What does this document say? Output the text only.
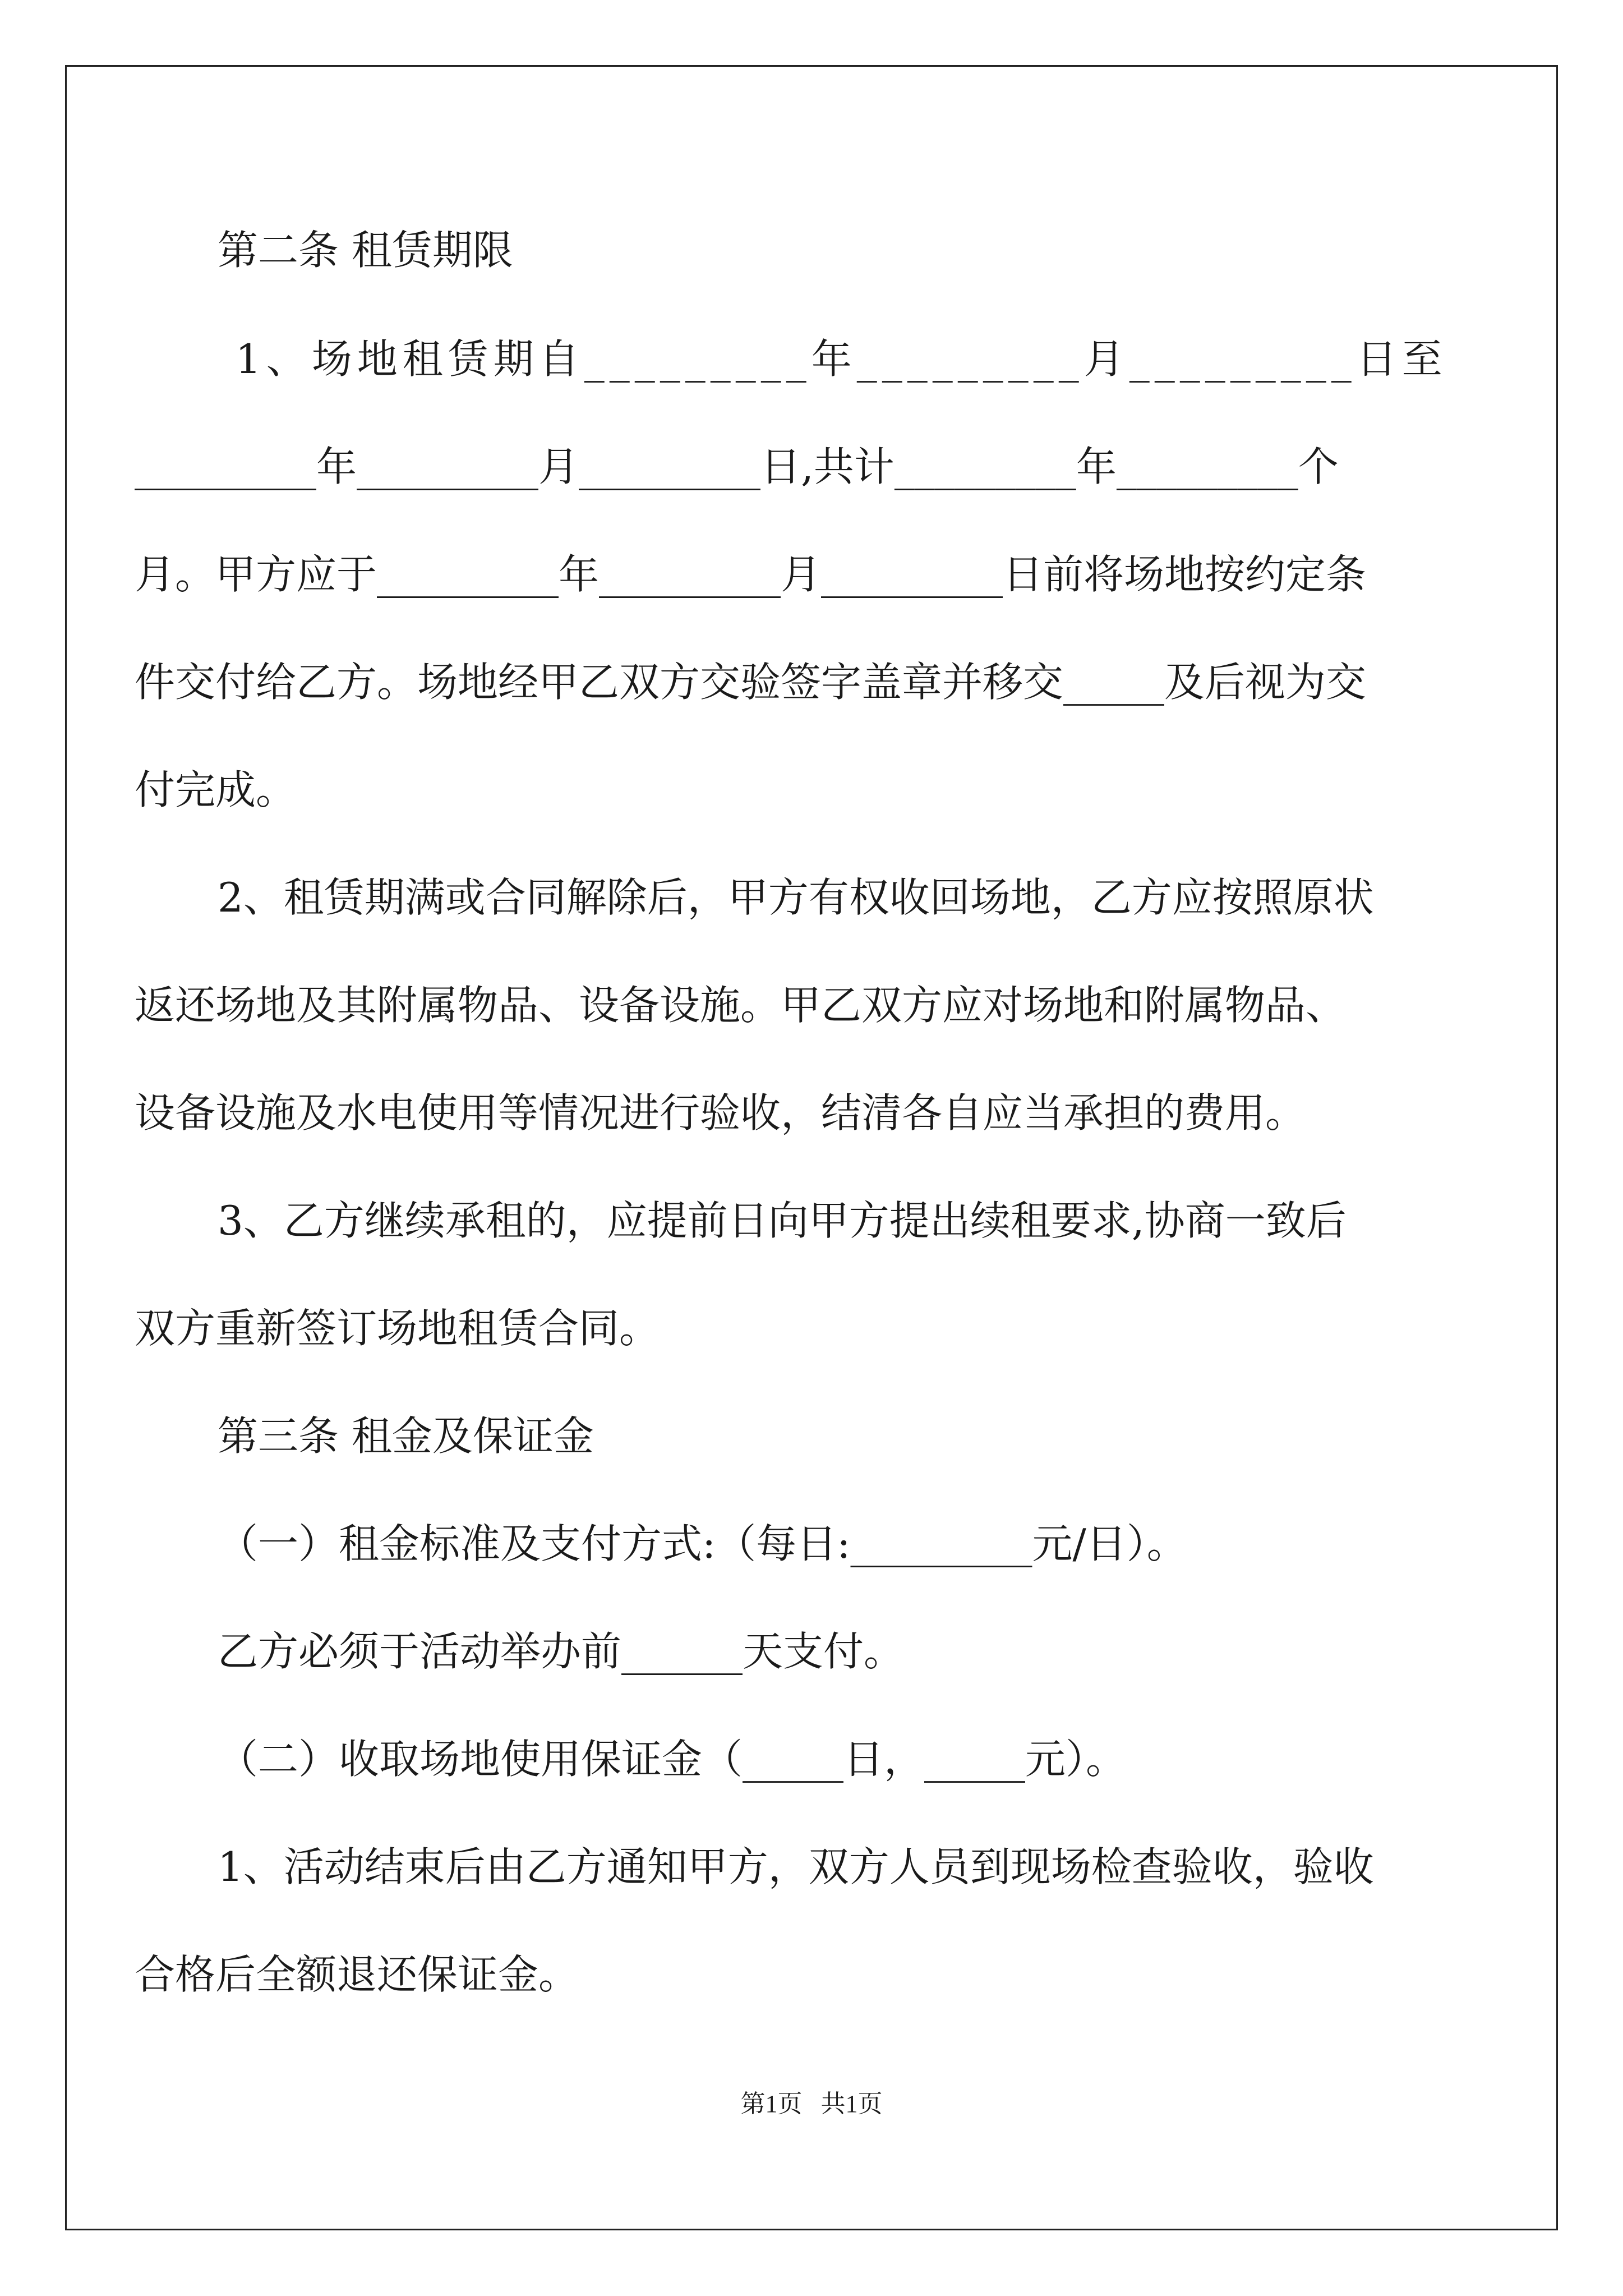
第二条 租赁期限
1、场地租赁期自_________年_________月_________日至
_________年_________月_________日,共计_________年_________个
月。甲方应于_________年_________月_________日前将场地按约定条
件交付给乙方。场地经甲乙双方交验签字盖章并移交_____及后视为交
付完成。
2、租赁期满或合同解除后，甲方有权收回场地，乙方应按照原状
返还场地及其附属物品、设备设施。甲乙双方应对场地和附属物品、
设备设施及水电使用等情况进行验收，结清各自应当承担的费用。
3、乙方继续承租的，应提前日向甲方提出续租要求,协商一致后
双方重新签订场地租赁合同。
第三条 租金及保证金
（一）租金标准及支付方式:（每日:_________元/日）。
乙方必须于活动举办前______天支付。
（二）收取场地使用保证金（_____日，_____元）。
1、活动结束后由乙方通知甲方，双方人员到现场检查验收，验收
合格后全额退还保证金。
第1页   共1页
